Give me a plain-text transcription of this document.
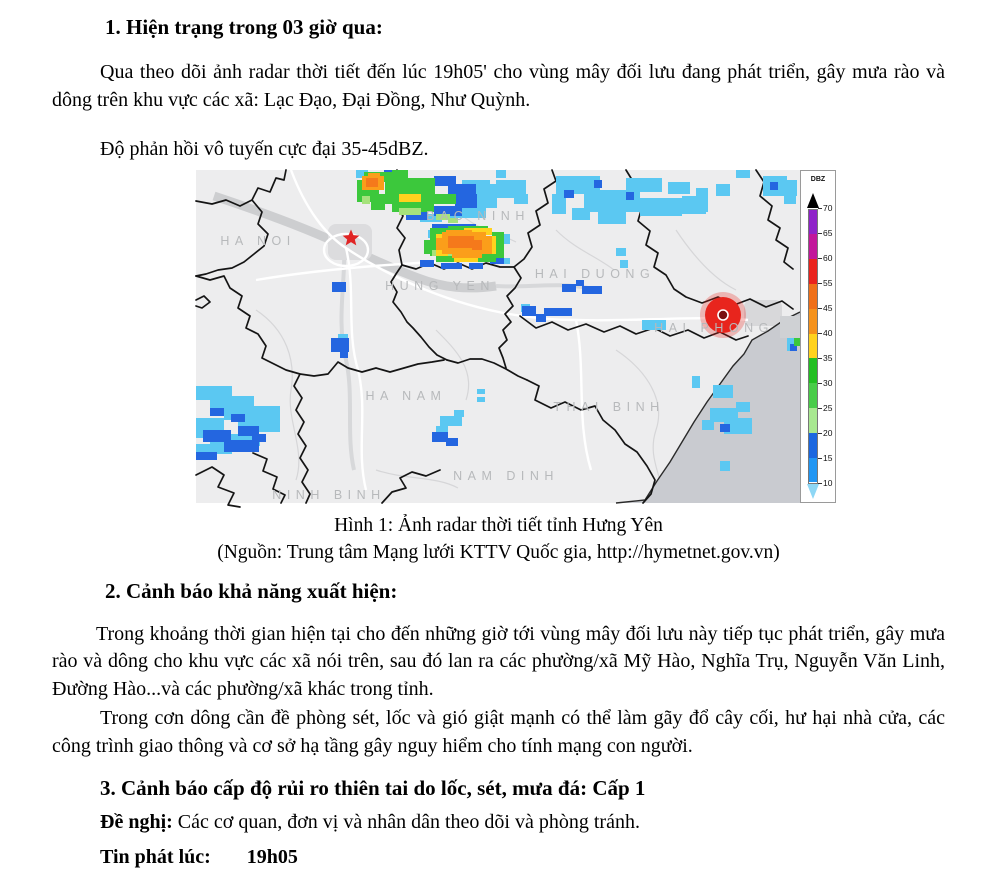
1. Hiện trạng trong 03 giờ qua:

Qua theo dõi ảnh radar thời tiết đến lúc 19h05' cho vùng mây đối lưu đang phát triển, gây mưa rào và dông trên khu vực các xã: Lạc Đạo, Đại Đồng, Như Quỳnh.

Độ phản hồi vô tuyến cực đại 35-45dBZ.

HA NOI
BAC NINH
HUNG YEN
HAI DUONG
HAI PHONG
HA NAM
THAI BINH
NAM DINH
NINH BINH
DBZ
70
65
60
55
45
40
35
30
25
20
15
10

Hình 1: Ảnh radar thời tiết tỉnh Hưng Yên

(Nguồn: Trung tâm Mạng lưới KTTV Quốc gia, http://hymetnet.gov.vn)

2. Cảnh báo khả năng xuất hiện:

Trong khoảng thời gian hiện tại cho đến những giờ tới vùng mây đối lưu này tiếp tục phát triển, gây mưa rào và dông cho khu vực các xã nói trên, sau đó lan ra các phường/xã Mỹ Hào, Nghĩa Trụ, Nguyễn Văn Linh, Đường Hào...và các phường/xã khác trong tỉnh.

Trong cơn dông cần đề phòng sét, lốc và gió giật mạnh có thể làm gãy đổ cây cối, hư hại nhà cửa, các công trình giao thông và cơ sở hạ tầng gây nguy hiểm cho tính mạng con người.

3. Cảnh báo cấp độ rủi ro thiên tai do lốc, sét, mưa đá: Cấp 1

Đề nghị: Các cơ quan, đơn vị và nhân dân theo dõi và phòng tránh.

Tin phát lúc: 19h05
